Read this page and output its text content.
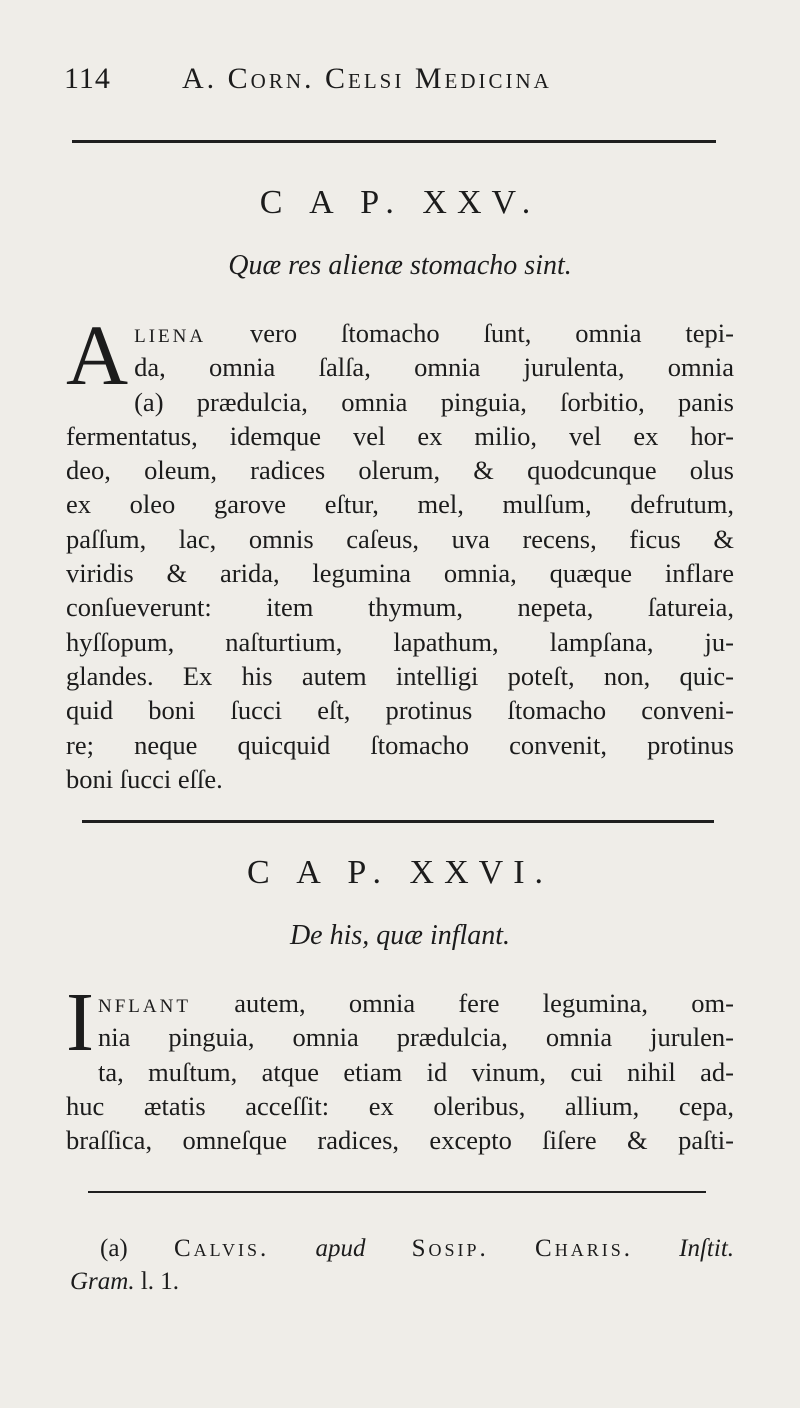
114 A. Corn. Celsi Medicina
C A P. XXV.
Quæ res alienæ stomacho sint.
A liena vero ſtomacho ſunt, omnia tepi-
da, omnia ſalſa, omnia jurulenta, omnia
(a) prædulcia, omnia pinguia, ſorbitio, panis
fermentatus, idemque vel ex milio, vel ex hor-
deo, oleum, radices olerum, & quodcunque olus
ex oleo garove eſtur, mel, mulſum, defrutum,
paſſum, lac, omnis caſeus, uva recens, ficus &
viridis & arida, legumina omnia, quæque inflare
conſueverunt: item thymum, nepeta, ſatureia,
hyſſopum, naſturtium, lapathum, lampſana, ju-
glandes. Ex his autem intelligi poteſt, non, quic-
quid boni ſucci eſt, protinus ſtomacho conveni-
re; neque quicquid ſtomacho convenit, protinus
boni ſucci eſſe.
C A P. XXVI.
De his, quæ inflant.
I nflant autem, omnia fere legumina, om-
nia pinguia, omnia prædulcia, omnia jurulen-
ta, muſtum, atque etiam id vinum, cui nihil ad-
huc ætatis acceſſit: ex oleribus, allium, cepa,
braſſica, omneſque radices, excepto ſiſere & paſti-
(a) Calvis. apud Sosip. Charis. Inſtit.
Gram. l. 1.
